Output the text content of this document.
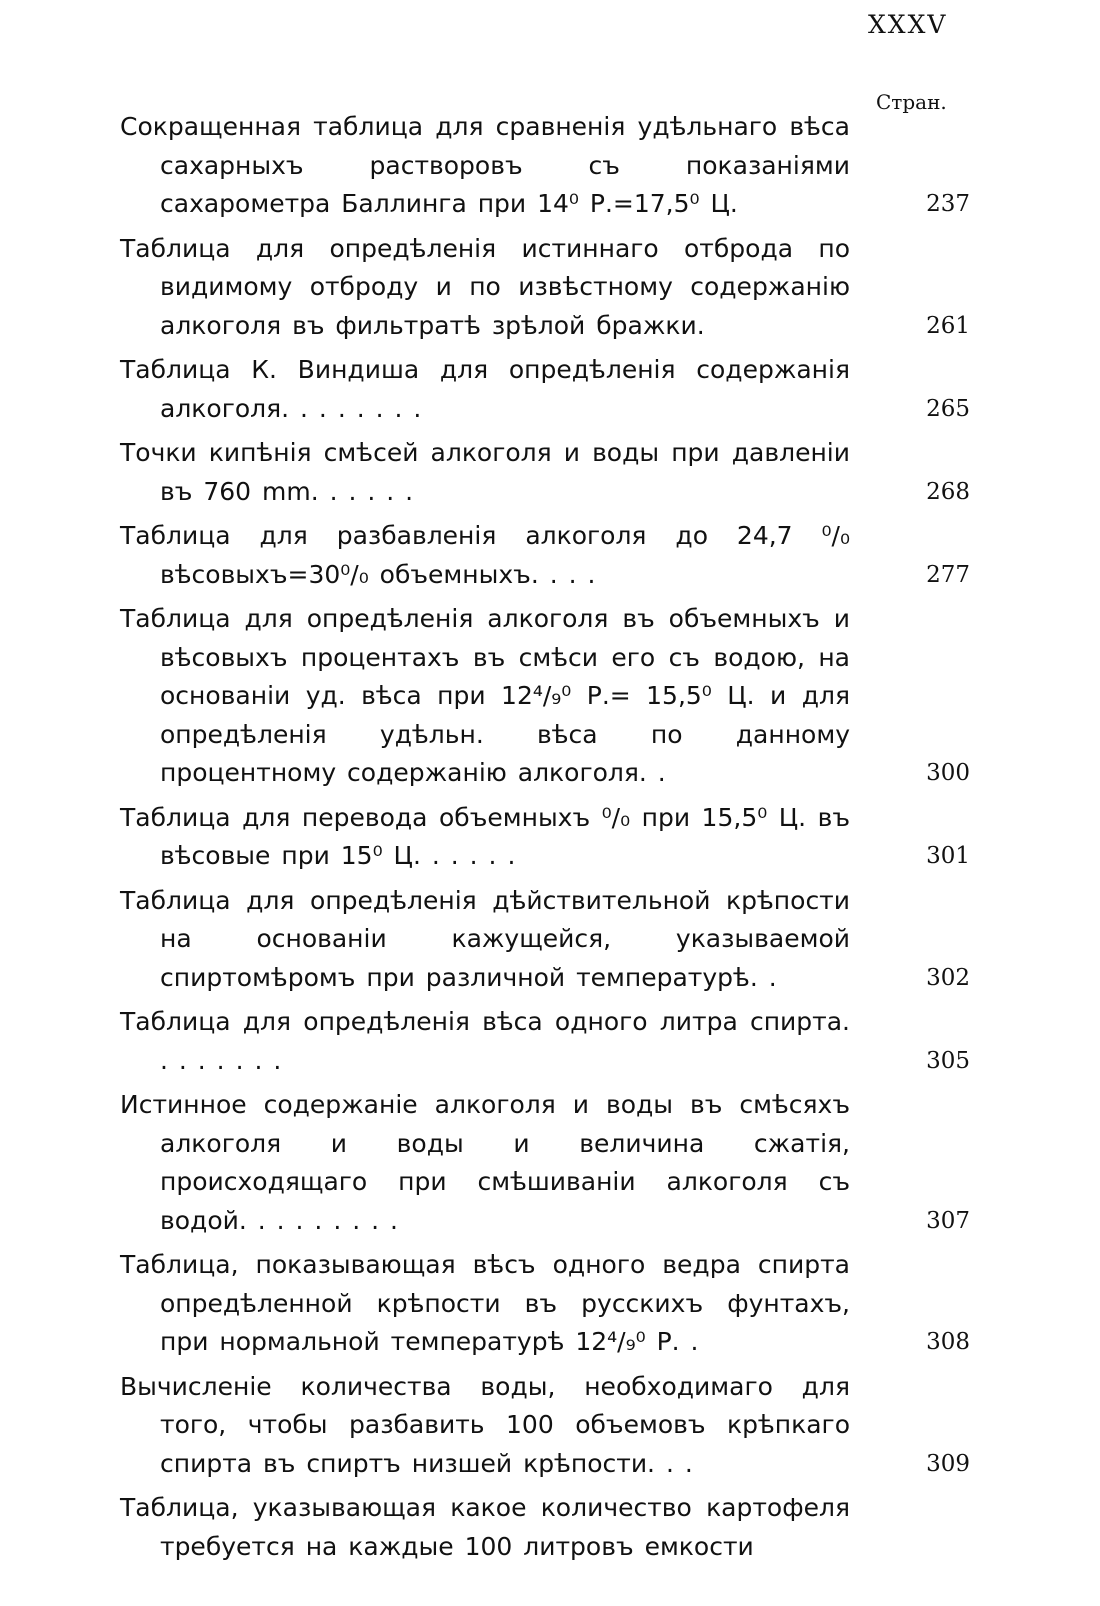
XXXV
Стран.
Сокращенная таблица для сравненія удѣльнаго вѣса сахарныхъ растворовъ съ показаніями сахарометра Баллинга при 14⁰ Р.=17,5⁰ Ц.	237
Таблица для опредѣленія истиннаго отброда по видимому отброду и по извѣстному содержанію алкоголя въ фильтратѣ зрѣлой бражки.	261
Таблица К. Виндиша для опредѣленія содержанія алкоголя. . . . . . . .	265
Точки кипѣнія смѣсей алкоголя и воды при давленіи въ 760 mm. . . . . .	268
Таблица для разбавленія алкоголя до 24,7 ⁰/₀ вѣсовыхъ=30⁰/₀ объемныхъ. . . .	277
Таблица для опредѣленія алкоголя въ объемныхъ и вѣсовыхъ процентахъ въ смѣси его съ водою, на основаніи уд. вѣса при 12⁴/₉⁰ Р.= 15,5⁰ Ц. и для опредѣленія удѣльн. вѣса по данному процентному содержанію алкоголя. .	300
Таблица для перевода объемныхъ ⁰/₀ при 15,5⁰ Ц. въ вѣсовые при 15⁰ Ц. . . . . .	301
Таблица для опредѣленія дѣйствительной крѣпости на основаніи кажущейся, указываемой спиртомѣромъ при различной температурѣ. .	302
Таблица для опредѣленія вѣса одного литра спирта. . . . . . . .	305
Истинное содержаніе алкоголя и воды въ смѣсяхъ алкоголя и воды и величина сжатія, происходящаго при смѣшиваніи алкоголя съ водой. . . . . . . . .	307
Таблица, показывающая вѣсъ одного ведра спирта опредѣленной крѣпости въ русскихъ фунтахъ, при нормальной температурѣ 12⁴/₉⁰ Р. .	308
Вычисленіе количества воды, необходимаго для того, чтобы разбавить 100 объемовъ крѣпкаго спирта въ спиртъ низшей крѣпости. . .	309
Таблица, указывающая какое количество картофеля требуется на каждые 100 литровъ емкости
